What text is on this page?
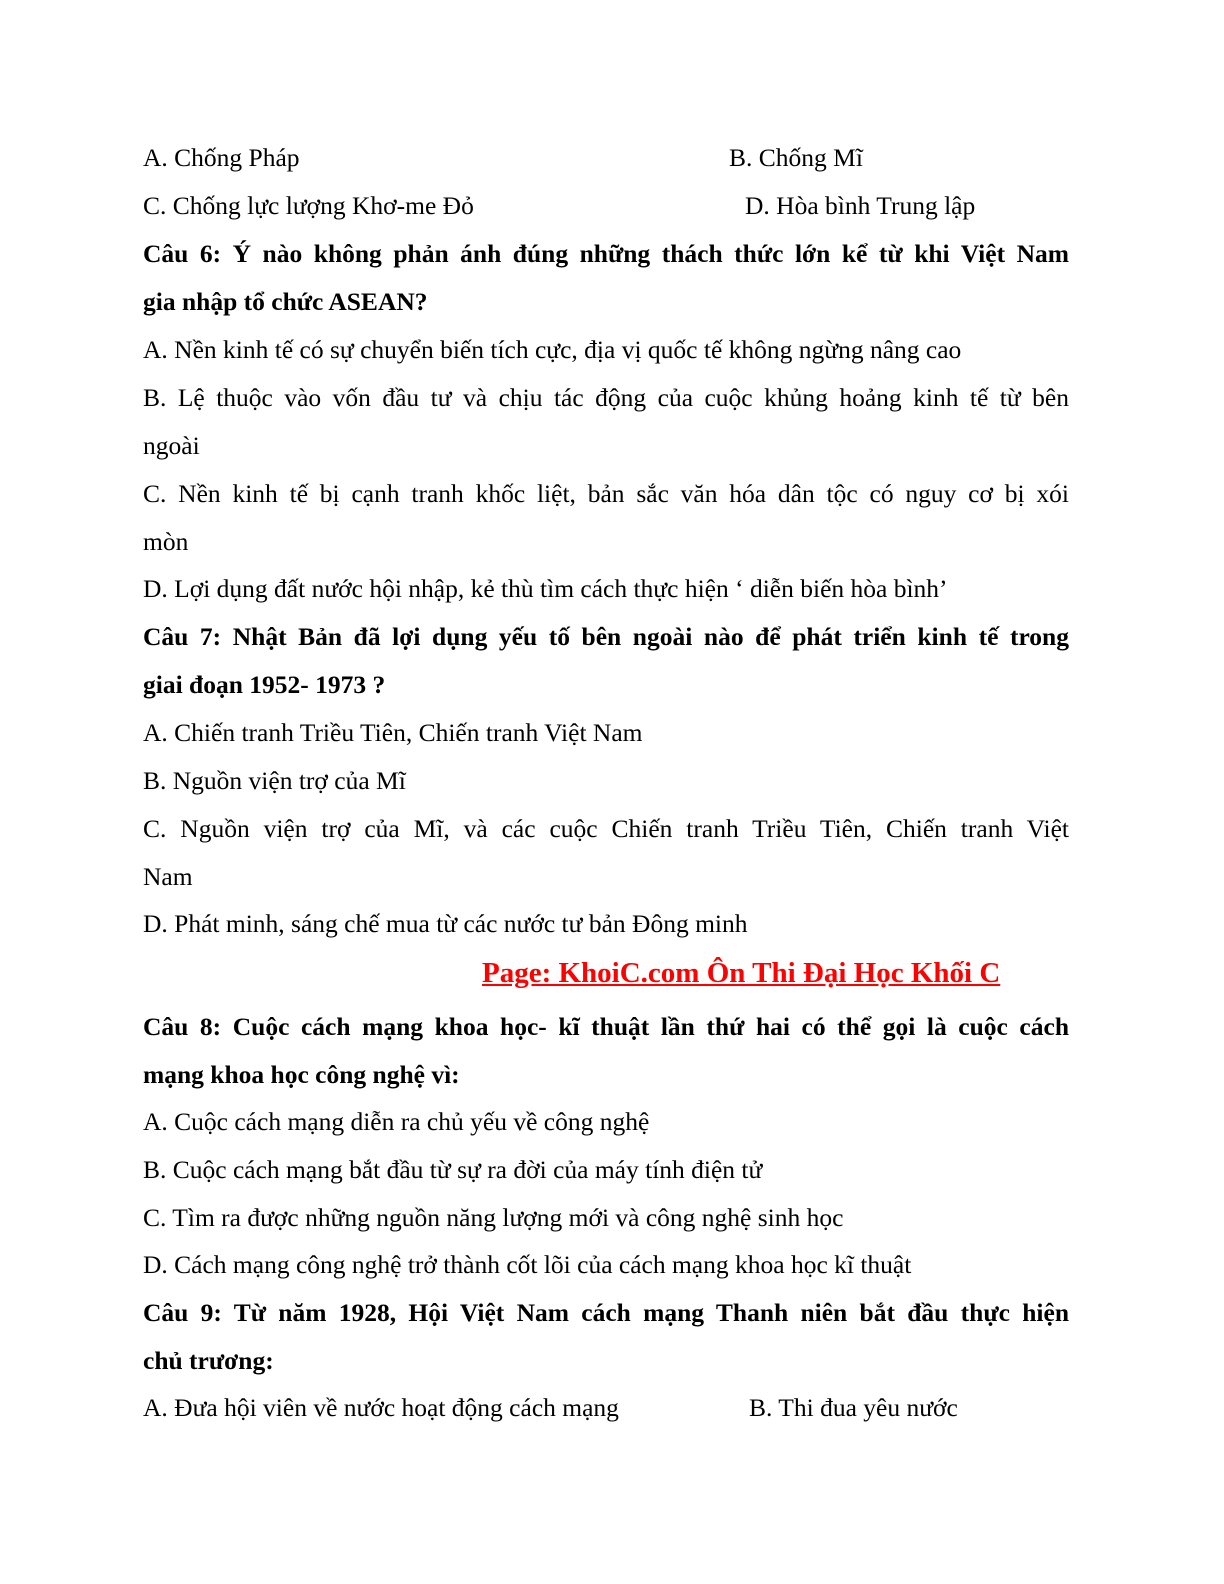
A. Chống Pháp	B. Chống Mĩ
C. Chống lực lượng Khơ-me Đỏ	D. Hòa bình Trung lập
Câu 6: Ý nào không phản ánh đúng những thách thức lớn kể từ khi Việt Nam
gia nhập tổ chức ASEAN?
A. Nền kinh tế có sự chuyển biến tích cực, địa vị quốc tế không ngừng nâng cao
B. Lệ thuộc vào vốn đầu tư và chịu tác động của cuộc khủng hoảng kinh tế từ bên
ngoài
C. Nền kinh tế bị cạnh tranh khốc liệt, bản sắc văn hóa dân tộc có nguy cơ bị xói
mòn
D. Lợi dụng đất nước hội nhập, kẻ thù tìm cách thực hiện ‘ diễn biến hòa bình’
Câu 7: Nhật Bản đã lợi dụng yếu tố bên ngoài nào để phát triển kinh tế trong
giai đoạn 1952- 1973 ?
A. Chiến tranh Triều Tiên, Chiến tranh Việt Nam
B. Nguồn viện trợ của Mĩ
C. Nguồn viện trợ của Mĩ, và các cuộc Chiến tranh Triều Tiên, Chiến tranh Việt
Nam
D. Phát minh, sáng chế mua từ các nước tư bản Đông minh
Page: KhoiC.com Ôn Thi Đại Học Khối C
Câu 8: Cuộc cách mạng khoa học- kĩ thuật lần thứ hai có thể gọi là cuộc cách
mạng khoa học công nghệ vì:
A. Cuộc cách mạng diễn ra chủ yếu về công nghệ
B. Cuộc cách mạng bắt đầu từ sự ra đời của máy tính điện tử
C. Tìm ra được những nguồn năng lượng mới và công nghệ sinh học
D. Cách mạng công nghệ trở thành cốt lõi của cách mạng khoa học kĩ thuật
Câu 9: Từ năm 1928, Hội Việt Nam cách mạng Thanh niên bắt đầu thực hiện
chủ trương:
A. Đưa hội viên về nước hoạt động cách mạng	B. Thi đua yêu nước
